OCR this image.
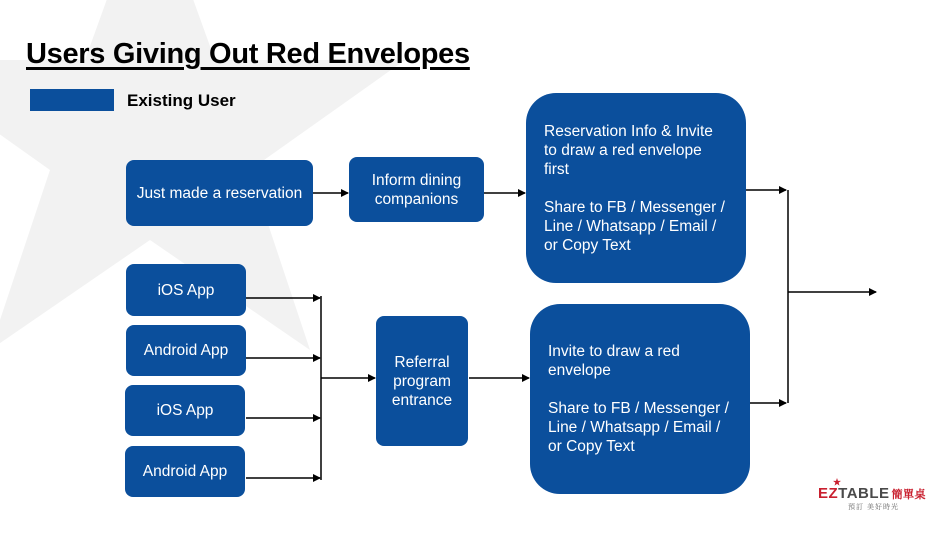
Users Giving Out Red Envelopes
Existing User
Just made a reservation
Inform dining companions
Reservation Info & Invite to draw a red envelope first
Share to FB / Messenger / Line / Whatsapp / Email / or Copy Text
iOS App
Android App
iOS App
Android App
Referral program entrance
Invite to draw a red envelope
Share to FB / Messenger / Line / Whatsapp / Email / or Copy Text
EZTABLE 簡單桌
預訂 美好時光
